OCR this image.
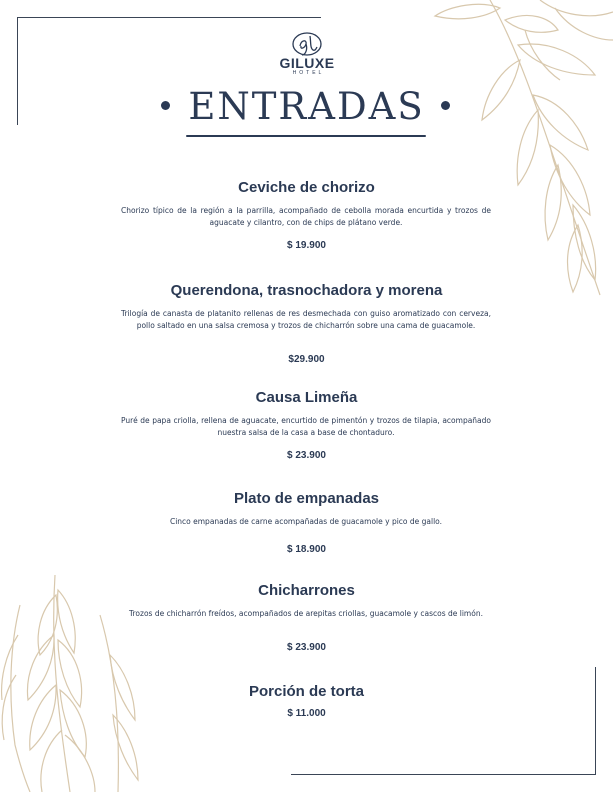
GILUXE
HOTEL
ENTRADAS
Ceviche de chorizo
Chorizo típico de la región a la parrilla, acompañado de cebolla morada encurtida y trozos de aguacate y cilantro, con de chips de plátano verde.
$ 19.900
Querendona, trasnochadora y morena
Trilogía de canasta de platanito rellenas de res desmechada con guiso aromatizado con cerveza, pollo saltado en una salsa cremosa y trozos de chicharrón sobre una cama de guacamole.
$29.900
Causa Limeña
Puré de papa criolla, rellena de aguacate, encurtido de pimentón y trozos de tilapia, acompañado nuestra salsa de la casa a base de chontaduro.
$ 23.900
Plato de empanadas
Cinco empanadas de carne acompañadas de guacamole y pico de gallo.
$ 18.900
Chicharrones
Trozos de chicharrón freídos, acompañados de arepitas criollas, guacamole y cascos de limón.
$ 23.900
Porción de torta
$ 11.000
